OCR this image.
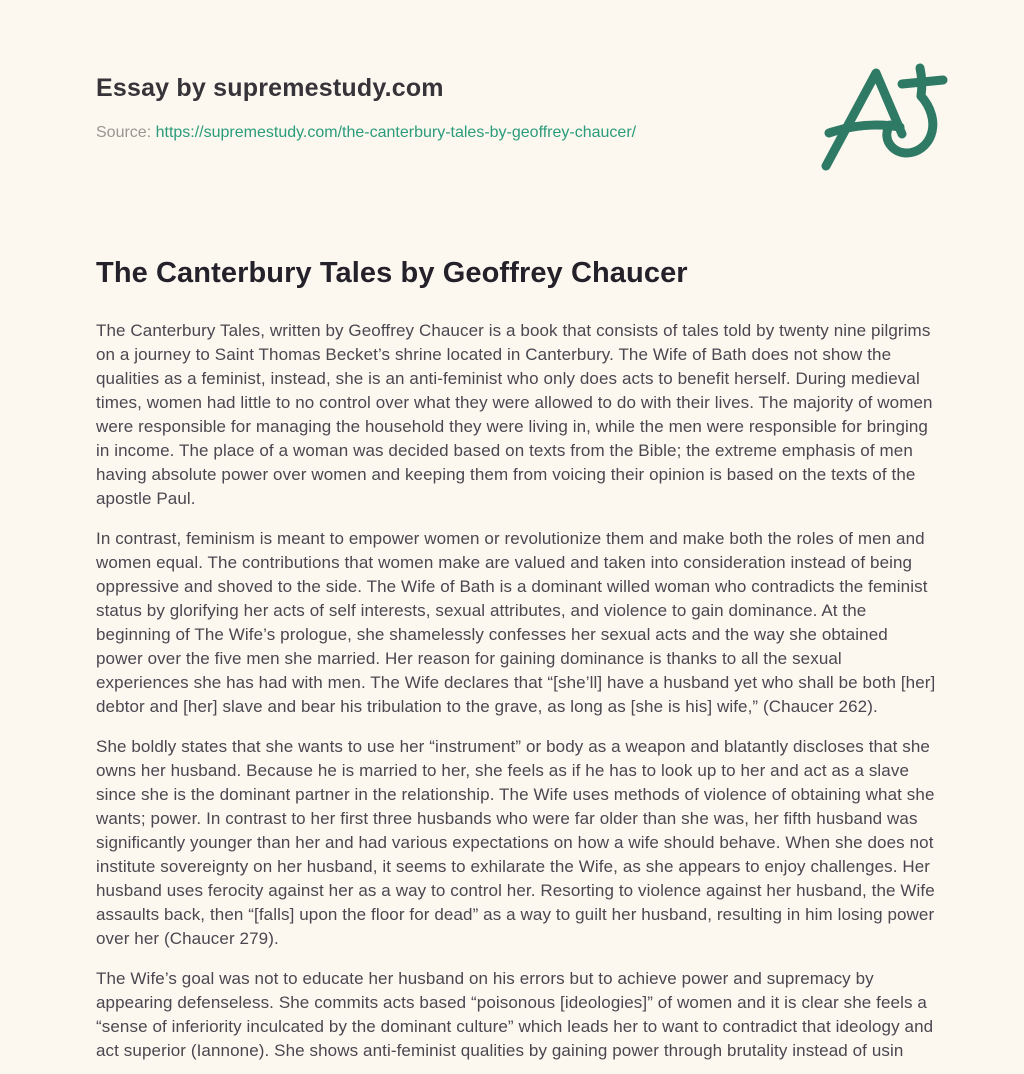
Essay by supremestudy.com
Source: https://supremestudy.com/the-canterbury-tales-by-geoffrey-chaucer/
The Canterbury Tales by Geoffrey Chaucer

The Canterbury Tales, written by Geoffrey Chaucer is a book that consists of tales told by twenty nine pilgrims on a journey to Saint Thomas Becket’s shrine located in Canterbury. The Wife of Bath does not show the qualities as a feminist, instead, she is an anti-feminist who only does acts to benefit herself. During medieval times, women had little to no control over what they were allowed to do with their lives. The majority of women were responsible for managing the household they were living in, while the men were responsible for bringing in income. The place of a woman was decided based on texts from the Bible; the extreme emphasis of men having absolute power over women and keeping them from voicing their opinion is based on the texts of the apostle Paul.

In contrast, feminism is meant to empower women or revolutionize them and make both the roles of men and women equal. The contributions that women make are valued and taken into consideration instead of being oppressive and shoved to the side. The Wife of Bath is a dominant willed woman who contradicts the feminist status by glorifying her acts of self interests, sexual attributes, and violence to gain dominance. At the beginning of The Wife’s prologue, she shamelessly confesses her sexual acts and the way she obtained power over the five men she married. Her reason for gaining dominance is thanks to all the sexual experiences she has had with men. The Wife declares that “[she’ll] have a husband yet who shall be both [her] debtor and [her] slave and bear his tribulation to the grave, as long as [she is his] wife,” (Chaucer 262).

She boldly states that she wants to use her “instrument” or body as a weapon and blatantly discloses that she owns her husband. Because he is married to her, she feels as if he has to look up to her and act as a slave since she is the dominant partner in the relationship. The Wife uses methods of violence of obtaining what she wants; power. In contrast to her first three husbands who were far older than she was, her fifth husband was significantly younger than her and had various expectations on how a wife should behave. When she does not institute sovereignty on her husband, it seems to exhilarate the Wife, as she appears to enjoy challenges. Her husband uses ferocity against her as a way to control her. Resorting to violence against her husband, the Wife assaults back, then “[falls] upon the floor for dead” as a way to guilt her husband, resulting in him losing power over her (Chaucer 279).

The Wife’s goal was not to educate her husband on his errors but to achieve power and supremacy by appearing defenseless. She commits acts based “poisonous [ideologies]” of women and it is clear she feels a “sense of inferiority inculcated by the dominant culture” which leads her to want to contradict that ideology and act superior (Iannone). She shows anti-feminist qualities by gaining power through brutality instead of usin
